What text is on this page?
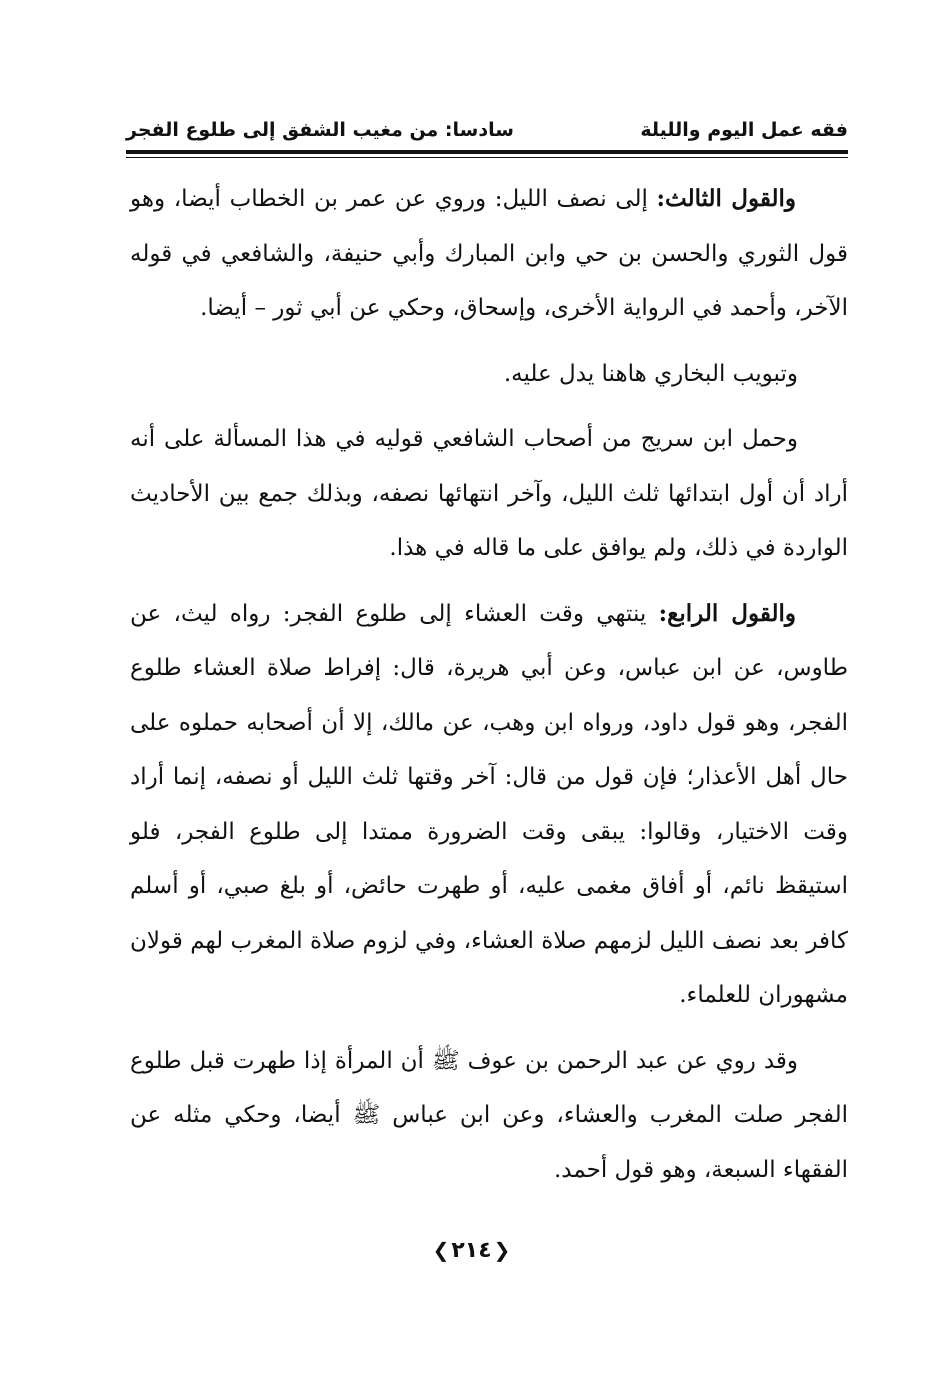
فقه عمل اليوم والليلة
سادسا: من مغيب الشفق إلى طلوع الفجر

والقول الثالث: إلى نصف الليل: وروي عن عمر بن الخطاب أيضا، وهو قول الثوري والحسن بن حي وابن المبارك وأبي حنيفة، والشافعي في قوله الآخر، وأحمد في الرواية الأخرى، وإسحاق، وحكي عن أبي ثور – أيضا.

وتبويب البخاري هاهنا يدل عليه.

وحمل ابن سريج من أصحاب الشافعي قوليه في هذا المسألة على أنه أراد أن أول ابتدائها ثلث الليل، وآخر انتهائها نصفه، وبذلك جمع بين الأحاديث الواردة في ذلك، ولم يوافق على ما قاله في هذا.

والقول الرابع: ينتهي وقت العشاء إلى طلوع الفجر: رواه ليث، عن طاوس، عن ابن عباس، وعن أبي هريرة، قال: إفراط صلاة العشاء طلوع الفجر، وهو قول داود، ورواه ابن وهب، عن مالك، إلا أن أصحابه حملوه على حال أهل الأعذار؛ فإن قول من قال: آخر وقتها ثلث الليل أو نصفه، إنما أراد وقت الاختيار، وقالوا: يبقى وقت الضرورة ممتدا إلى طلوع الفجر، فلو استيقظ نائم، أو أفاق مغمى عليه، أو طهرت حائض، أو بلغ صبي، أو أسلم كافر بعد نصف الليل لزمهم صلاة العشاء، وفي لزوم صلاة المغرب لهم قولان مشهوران للعلماء.

وقد روي عن عبد الرحمن بن عوف ﷺ أن المرأة إذا طهرت قبل طلوع الفجر صلت المغرب والعشاء، وعن ابن عباس ﷺ أيضا، وحكي مثله عن الفقهاء السبعة، وهو قول أحمد.

❮٢١٤ ❯
